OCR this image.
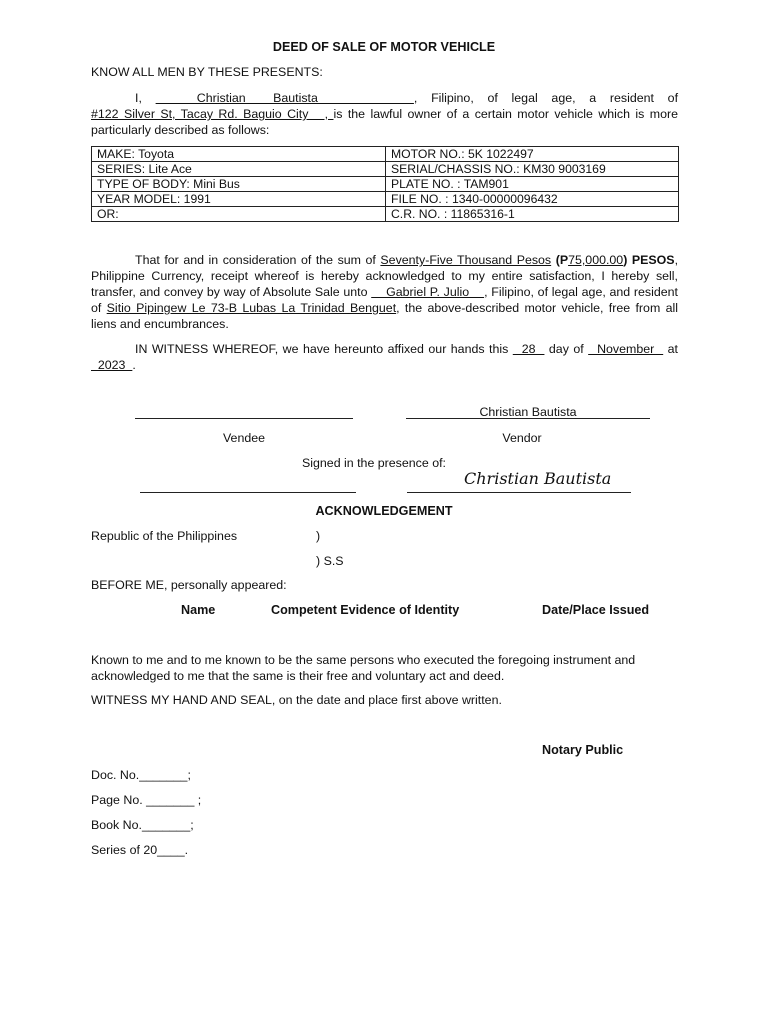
DEED OF SALE OF MOTOR VEHICLE
KNOW ALL MEN BY THESE PRESENTS:
I,    Christian  Bautista       , Filipino, of legal age, a resident of #122 Silver St, Tacay Rd. Baguio City   , is the lawful owner of a certain motor vehicle which is more particularly described as follows:
MAKE: Toyota	MOTOR NO.: 5K 1022497
SERIES: Lite Ace	SERIAL/CHASSIS NO.: KM30 9003169
TYPE OF BODY: Mini Bus	PLATE NO. : TAM901
YEAR MODEL: 1991	FILE NO. : 1340-00000096432
OR:	C.R. NO. : 11865316-1
That for and in consideration of the sum of Seventy-Five Thousand Pesos (P75,000.00) PESOS, Philippine Currency, receipt whereof is hereby acknowledged to my entire satisfaction, I hereby sell, transfer, and convey by way of Absolute Sale unto     Gabriel P. Julio    , Filipino, of legal age, and resident of Sitio Pipingew Le 73-B Lubas La Trinidad Benguet, the above-described motor vehicle, free from all liens and encumbrances.
IN WITNESS WHEREOF, we have hereunto affixed our hands this   28   day of   November   at   2023  .
Christian Bautista
Vendee	Vendor
Signed in the presence of:
Christian Bautista
ACKNOWLEDGEMENT
Republic of the Philippines	)
) S.S
BEFORE ME, personally appeared:
Name	Competent Evidence of Identity	Date/Place Issued
Known to me and to me known to be the same persons who executed the foregoing instrument and acknowledged to me that the same is their free and voluntary act and deed.
WITNESS MY HAND AND SEAL, on the date and place first above written.
Notary Public
Doc. No._______;
Page No. _______ ;
Book No._______;
Series of 20____.
